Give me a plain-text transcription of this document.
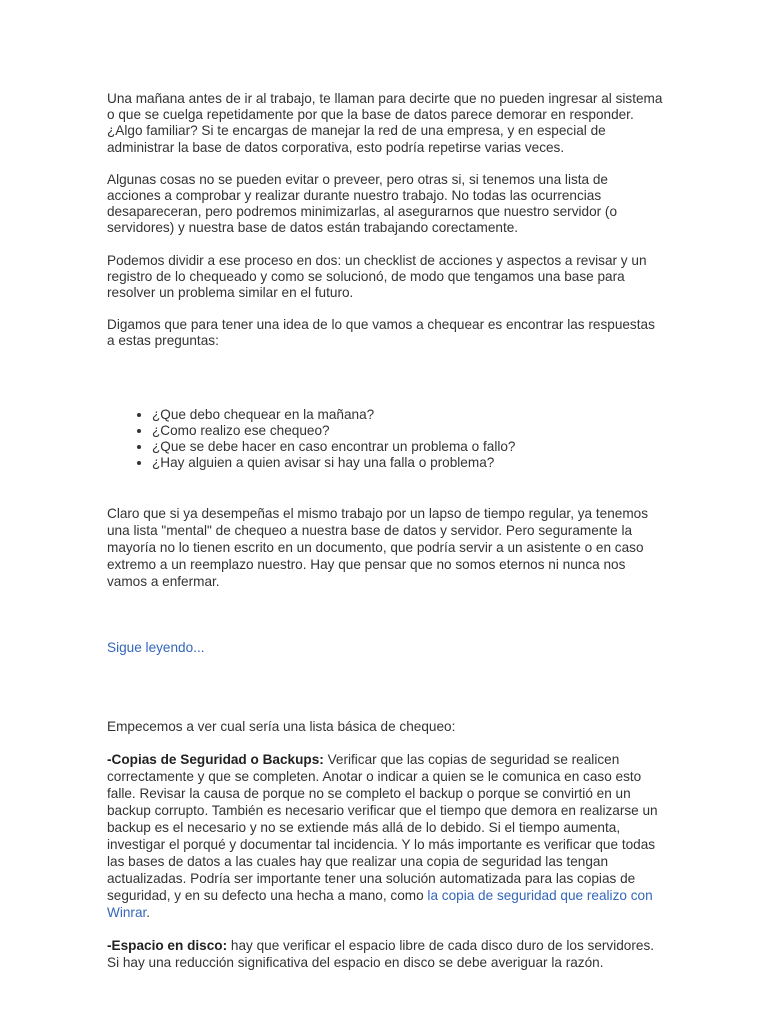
Una mañana antes de ir al trabajo, te llaman para decirte que no pueden ingresar al sistema o que se cuelga repetidamente por que la base de datos parece demorar en responder. ¿Algo familiar? Si te encargas de manejar la red de una empresa, y en especial de administrar la base de datos corporativa, esto podría repetirse varias veces.

Algunas cosas no se pueden evitar o preveer, pero otras si, si tenemos una lista de acciones a comprobar y realizar durante nuestro trabajo. No todas las ocurrencias desapareceran, pero podremos minimizarlas, al asegurarnos que nuestro servidor (o servidores) y nuestra base de datos están trabajando corectamente.

Podemos dividir a ese proceso en dos: un checklist de acciones y aspectos a revisar y un registro de lo chequeado y como se solucionó, de modo que tengamos una base para resolver un problema similar en el futuro.

Digamos que para tener una idea de lo que vamos a chequear es encontrar las respuestas a estas preguntas:

• ¿Que debo chequear en la mañana?
• ¿Como realizo ese chequeo?
• ¿Que se debe hacer en caso encontrar un problema o fallo?
• ¿Hay alguien a quien avisar si hay una falla o problema?

Claro que si ya desempeñas el mismo trabajo por un lapso de tiempo regular, ya tenemos una lista "mental" de chequeo a nuestra base de datos y servidor. Pero seguramente la mayoría no lo tienen escrito en un documento, que podría servir a un asistente o en caso extremo a un reemplazo nuestro. Hay que pensar que no somos eternos ni nunca nos vamos a enfermar.

Sigue leyendo...

Empecemos a ver cual sería una lista básica de chequeo:

-Copias de Seguridad o Backups: Verificar que las copias de seguridad se realicen correctamente y que se completen. Anotar o indicar a quien se le comunica en caso esto falle. Revisar la causa de porque no se completo el backup o porque se convirtió en un backup corrupto. También es necesario verificar que el tiempo que demora en realizarse un backup es el necesario y no se extiende más allá de lo debido. Si el tiempo aumenta, investigar el porqué y documentar tal incidencia. Y lo más importante es verificar que todas las bases de datos a las cuales hay que realizar una copia de seguridad las tengan actualizadas. Podría ser importante tener una solución automatizada para las copias de seguridad, y en su defecto una hecha a mano, como la copia de seguridad que realizo con Winrar.

-Espacio en disco: hay que verificar el espacio libre de cada disco duro de los servidores. Si hay una reducción significativa del espacio en disco se debe averiguar la razón.
